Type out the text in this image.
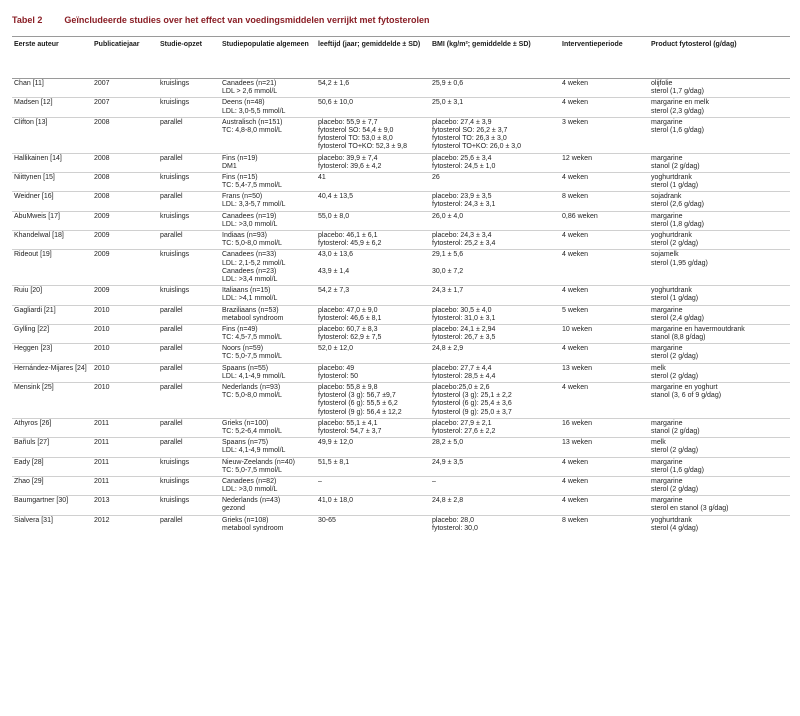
Tabel 2 Geïncludeerde studies over het effect van voedingsmiddelen verrijkt met fytosterolen
Eerste auteur	Publicatiejaar	Studie-opzet	Studiepopulatie algemeen	leeftijd (jaar; gemiddelde ± SD)	BMI (kg/m²; gemiddelde ± SD)	Interventieperiode	Product fytosterol (g/dag)
Chan [11]	2007	kruislings	Canadees (n=21)
LDL > 2,6 mmol/L	54,2 ± 1,6	25,9 ± 0,6	4 weken	olijfolie
sterol (1,7 g/dag)

Madsen [12]	2007	kruislings	Deens (n=48)
LDL: 3,0-5,5 mmol/L	50,6 ± 10,0	25,0 ± 3,1	4 weken	margarine en melk
sterol (2,3 g/dag)

Clifton [13]	2008	parallel	Australisch (n=151)
TC: 4,8-8,0 mmol/L	placebo: 55,9 ± 7,7
fytosterol SO: 54,4 ± 9,0
fytosterol TO: 53,0 ± 8,0
fytosterol TO+KO: 52,3 ± 9,8	placebo: 27,4 ± 3,9
fytosterol SO: 26,2 ± 3,7
fytosterol TO: 26,3 ± 3,0
fytosterol TO+KO: 26,0 ± 3,0	3 weken	margarine
sterol (1,6 g/dag)

Hallikainen [14]	2008	parallel	Fins (n=19)
DM1	placebo: 39,9 ± 7,4
fytosterol: 39,6 ± 4,2	placebo: 25,6 ± 3,4
fytosterol: 24,5 ± 1,0	12 weken	margarine
stanol (2 g/dag)

Niittynen [15]	2008	kruislings	Fins (n=15)
TC: 5,4-7,5 mmol/L	41	26	4 weken	yoghurtdrank
sterol (1 g/dag)

Weidner [16]	2008	parallel	Frans (n=50)
LDL: 3,3-5,7 mmol/L	40,4 ± 13,5	placebo: 23,9 ± 3,5
fytosterol: 24,3 ± 3,1	8 weken	sojadrank
sterol (2,6 g/dag)

AbuMweis [17]	2009	kruislings	Canadees (n=19)
LDL: >3,0 mmol/L	55,0 ± 8,0	26,0 ± 4,0	0,86 weken	margarine
sterol (1,8 g/dag)

Khandelwal [18]	2009	parallel	Indiaas (n=93)
TC: 5,0-8,0 mmol/L	placebo: 46,1 ± 6,1
fytosterol: 45,9 ± 6,2	placebo: 24,3 ± 3,4
fytosterol: 25,2 ± 3,4	4 weken	yoghurtdrank
sterol (2 g/dag)

Rideout [19]	2009	kruislings	Canadees (n=33)
LDL: 2,1-5,2 mmol/L
Canadees (n=23)
LDL: >3,4 mmol/L	43,0 ± 13,6
43,9 ± 1,4	29,1 ± 5,6
30,0 ± 7,2	4 weken	sojamelk
sterol (1,95 g/dag)

Ruiu [20]	2009	kruislings	Italiaans (n=15)
LDL: >4,1 mmol/L	54,2 ± 7,3	24,3 ± 1,7	4 weken	yoghurtdrank
sterol (1 g/dag)

Gagliardi [21]	2010	parallel	Braziliaans (n=53)
metabool syndroom	placebo: 47,0 ± 9,0
fytosterol: 46,6 ± 8,1	placebo: 30,5 ± 4,0
fytosterol: 31,0 ± 3,1	5 weken	margarine
sterol (2,4 g/dag)

Gylling [22]	2010	parallel	Fins (n=49)
TC: 4,5-7,5 mmol/L	placebo: 60,7 ± 8,3
fytosterol: 62,9 ± 7,5	placebo: 24,1 ± 2,94
fytosterol: 26,7 ± 3,5	10 weken	margarine en havermoutdrank
stanol (8,8 g/dag)

Heggen [23]	2010	parallel	Noors (n=59)
TC: 5,0-7,5 mmol/L	52,0 ± 12,0	24,8 ± 2,9	4 weken	margarine
sterol (2 g/dag)

Hernández-Mijares [24]	2010	parallel	Spaans (n=55)
LDL: 4,1-4,9 mmol/L	placebo: 49
fytosterol: 50	placebo: 27,7 ± 4,4
fytosterol: 28,5 ± 4,4	13 weken	melk
sterol (2 g/dag)

Mensink [25]	2010	parallel	Nederlands (n=93)
TC: 5,0-8,0 mmol/L	placebo: 55,8 ± 9,8
fytosterol (3 g): 56,7 ±9,7
fytosterol (6 g): 55,5 ± 6,2
fytosterol (9 g): 56,4 ± 12,2	placebo:25,0 ± 2,6
fytosterol (3 g): 25,1 ± 2,2
fytosterol (6 g): 25,4 ± 3,6
fytosterol (9 g): 25,0 ± 3,7	4 weken	margarine en yoghurt
stanol (3, 6 of 9 g/dag)

Athyros [26]	2011	parallel	Grieks (n=100)
TC: 5,2-6,4 mmol/L	placebo: 55,1 ± 4,1
fytosterol: 54,7 ± 3,7	placebo: 27,9 ± 2,1
fytosterol: 27,6 ± 2,2	16 weken	margarine
stanol (2 g/dag)

Bañuls [27]	2011	parallel	Spaans (n=75)
LDL: 4,1-4,9 mmol/L	49,9 ± 12,0	28,2 ± 5,0	13 weken	melk
sterol (2 g/dag)

Eady [28]	2011	kruislings	Nieuw-Zeelands (n=40)
TC: 5,0-7,5 mmol/L	51,5 ± 8,1	24,9 ± 3,5	4 weken	margarine
sterol (1,6 g/dag)

Zhao [29]	2011	kruislings	Canadees (n=82)
LDL: >3,0 mmol/L	–	–	4 weken	margarine
sterol (2 g/dag)

Baumgartner [30]	2013	kruislings	Nederlands (n=43)
gezond	41,0 ± 18,0	24,8 ± 2,8	4 weken	margarine
sterol en stanol (3 g/dag)

Sialvera [31]	2012	parallel	Grieks (n=108)
metabool syndroom	30-65	placebo: 28,0
fytosterol: 30,0	8 weken	yoghurtdrank
sterol (4 g/dag)
